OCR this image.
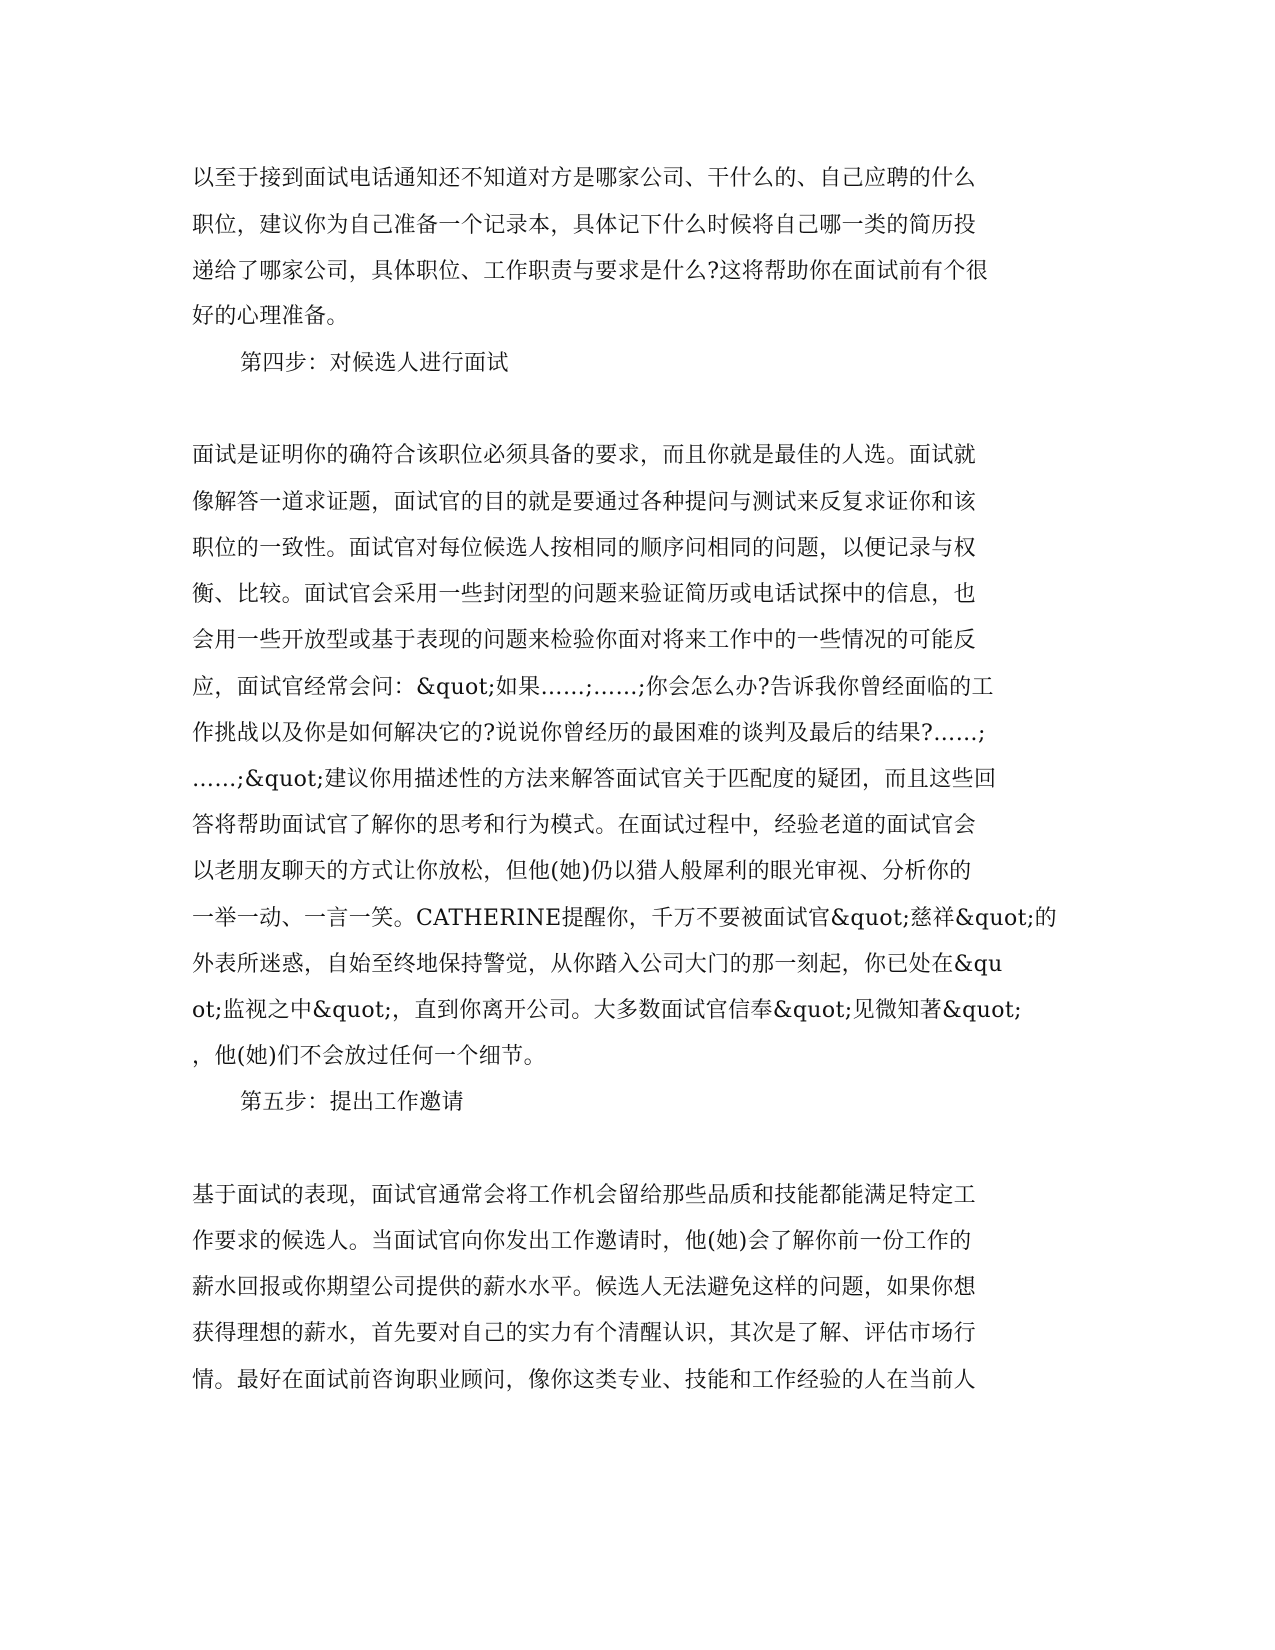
以至于接到面试电话通知还不知道对方是哪家公司、干什么的、自己应聘的什么
职位，建议你为自己准备一个记录本，具体记下什么时候将自己哪一类的简历投
递给了哪家公司，具体职位、工作职责与要求是什么?这将帮助你在面试前有个很
好的心理准备。
第四步：对候选人进行面试
面试是证明你的确符合该职位必须具备的要求，而且你就是最佳的人选。面试就
像解答一道求证题，面试官的目的就是要通过各种提问与测试来反复求证你和该
职位的一致性。面试官对每位候选人按相同的顺序问相同的问题，以便记录与权
衡、比较。面试官会采用一些封闭型的问题来验证简历或电话试探中的信息，也
会用一些开放型或基于表现的问题来检验你面对将来工作中的一些情况的可能反
应，面试官经常会问：&quot;如果……;……;你会怎么办?告诉我你曾经面临的工
作挑战以及你是如何解决它的?说说你曾经历的最困难的谈判及最后的结果?……;
……;&quot;建议你用描述性的方法来解答面试官关于匹配度的疑团，而且这些回
答将帮助面试官了解你的思考和行为模式。在面试过程中，经验老道的面试官会
以老朋友聊天的方式让你放松，但他(她)仍以猎人般犀利的眼光审视、分析你的
一举一动、一言一笑。CATHERINE提醒你，千万不要被面试官&quot;慈祥&quot;的
外表所迷惑，自始至终地保持警觉，从你踏入公司大门的那一刻起，你已处在&qu
ot;监视之中&quot;，直到你离开公司。大多数面试官信奉&quot;见微知著&quot;
，他(她)们不会放过任何一个细节。
第五步：提出工作邀请
基于面试的表现，面试官通常会将工作机会留给那些品质和技能都能满足特定工
作要求的候选人。当面试官向你发出工作邀请时，他(她)会了解你前一份工作的
薪水回报或你期望公司提供的薪水水平。候选人无法避免这样的问题，如果你想
获得理想的薪水，首先要对自己的实力有个清醒认识，其次是了解、评估市场行
情。最好在面试前咨询职业顾问，像你这类专业、技能和工作经验的人在当前人
